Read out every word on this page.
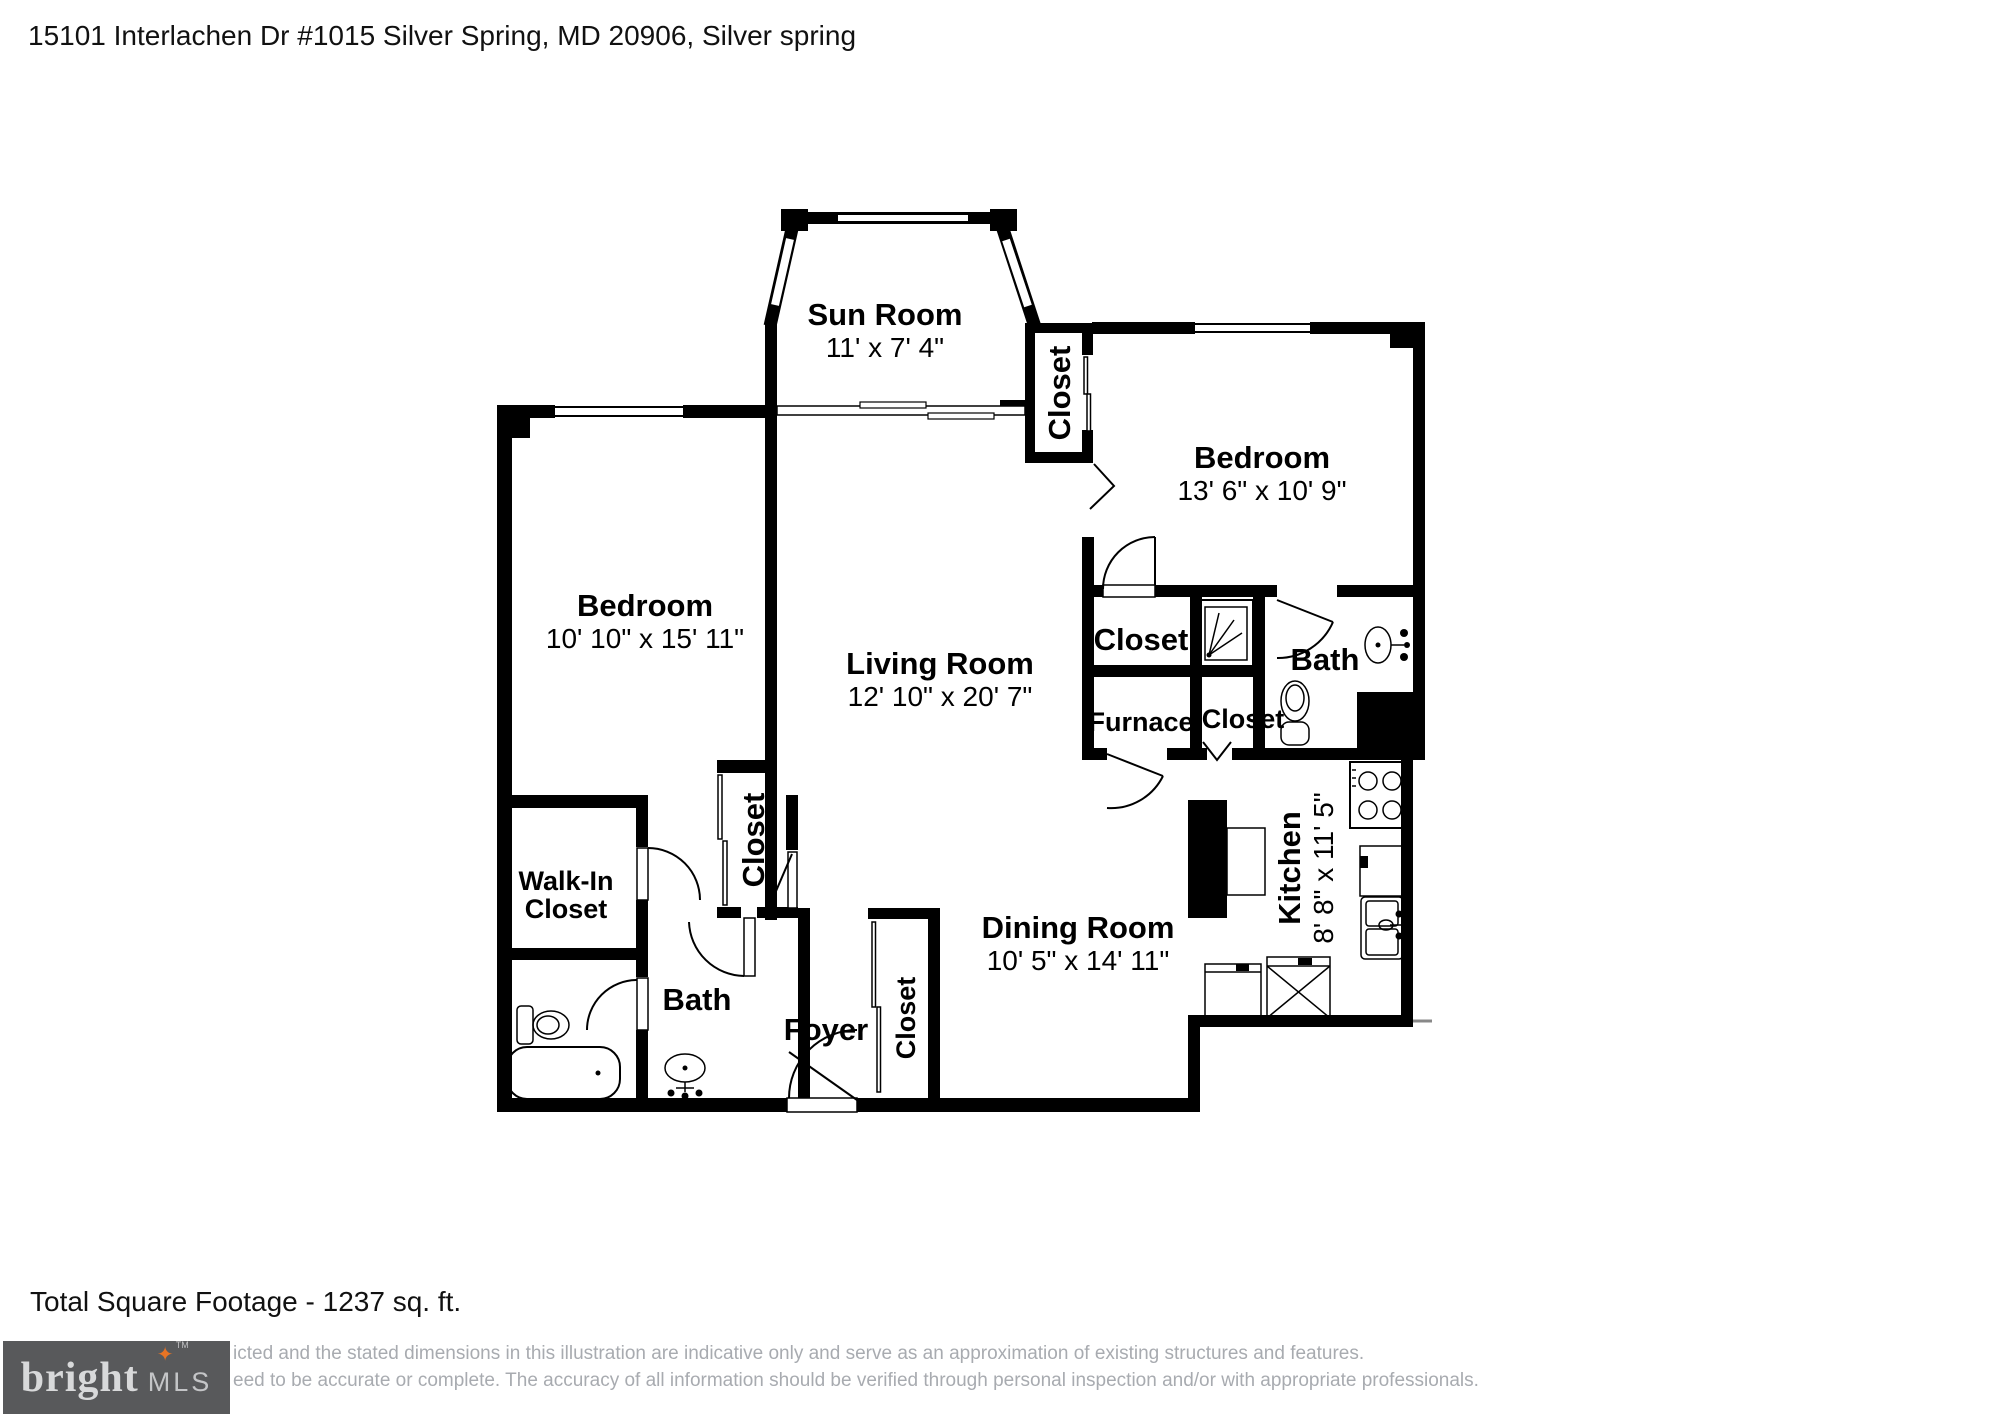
15101 Interlachen Dr #1015 Silver Spring, MD 20906, Silver spring
Sun Room
11' x 7' 4"
Bedroom
13' 6" x 10' 9"
Bedroom
10' 10" x 15' 11"
Living Room
12' 10" x 20' 7"
Dining Room
10' 5" x 14' 11"
Kitchen 8' 8" x 11' 5"
Closet
Closet
Closet
Closet
Furnace Closet
Bath
Walk-In
Closet
Bath
Foyer
Total Square Footage - 1237 sq. ft.
icted and the stated dimensions in this illustration are indicative only and serve as an approximation of existing structures and features.
eed to be accurate or complete. The accuracy of all information should be verified through personal inspection and/or with appropriate professionals.
bright
✦ TM
MLS
